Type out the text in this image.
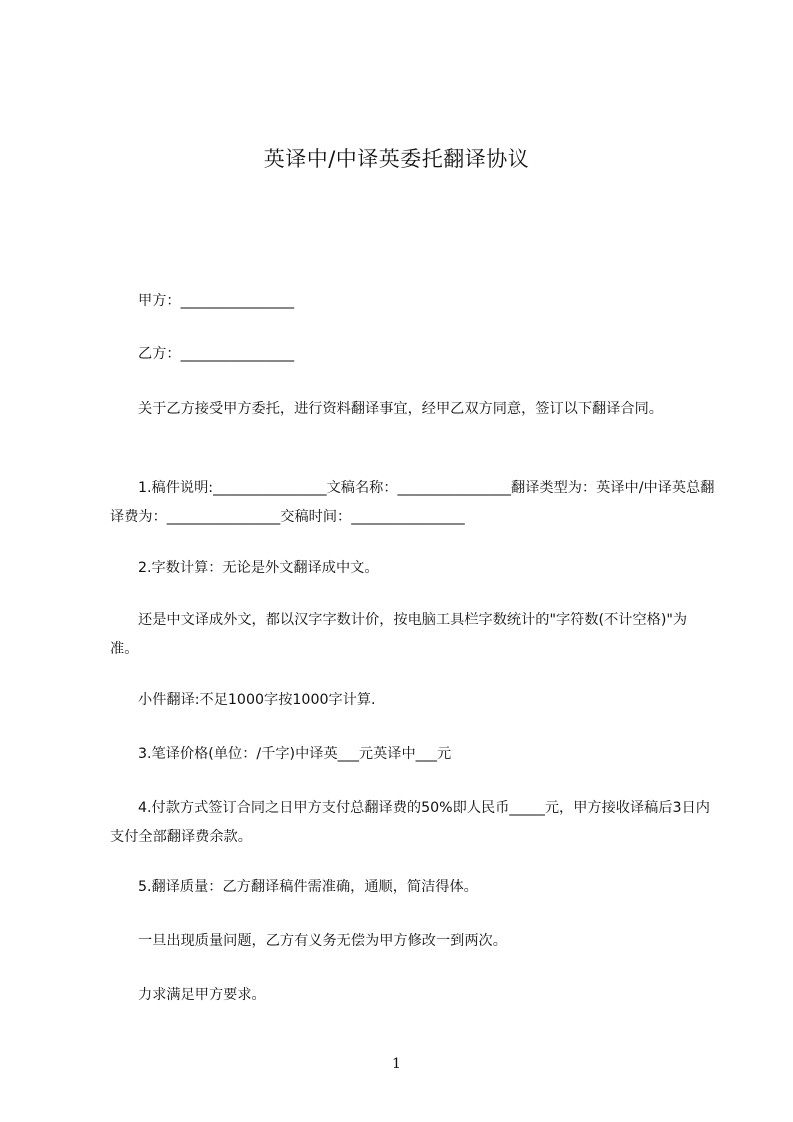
英译中/中译英委托翻译协议
甲方：________________
乙方：________________
关于乙方接受甲方委托，进行资料翻译事宜，经甲乙双方同意，签订以下翻译合同。
1.稿件说明:________________文稿名称：________________翻译类型为：英译中/中译英总翻译费为：________________交稿时间：________________
2.字数计算：无论是外文翻译成中文。
还是中文译成外文，都以汉字字数计价，按电脑工具栏字数统计的"字符数(不计空格)"为准。
小件翻译:不足1000字按1000字计算.
3.笔译价格(单位：/千字)中译英___元英译中___元
4.付款方式签订合同之日甲方支付总翻译费的50%即人民币_____元，甲方接收译稿后3日内支付全部翻译费余款。
5.翻译质量：乙方翻译稿件需准确，通顺，简洁得体。
一旦出现质量问题，乙方有义务无偿为甲方修改一到两次。
力求满足甲方要求。
1
